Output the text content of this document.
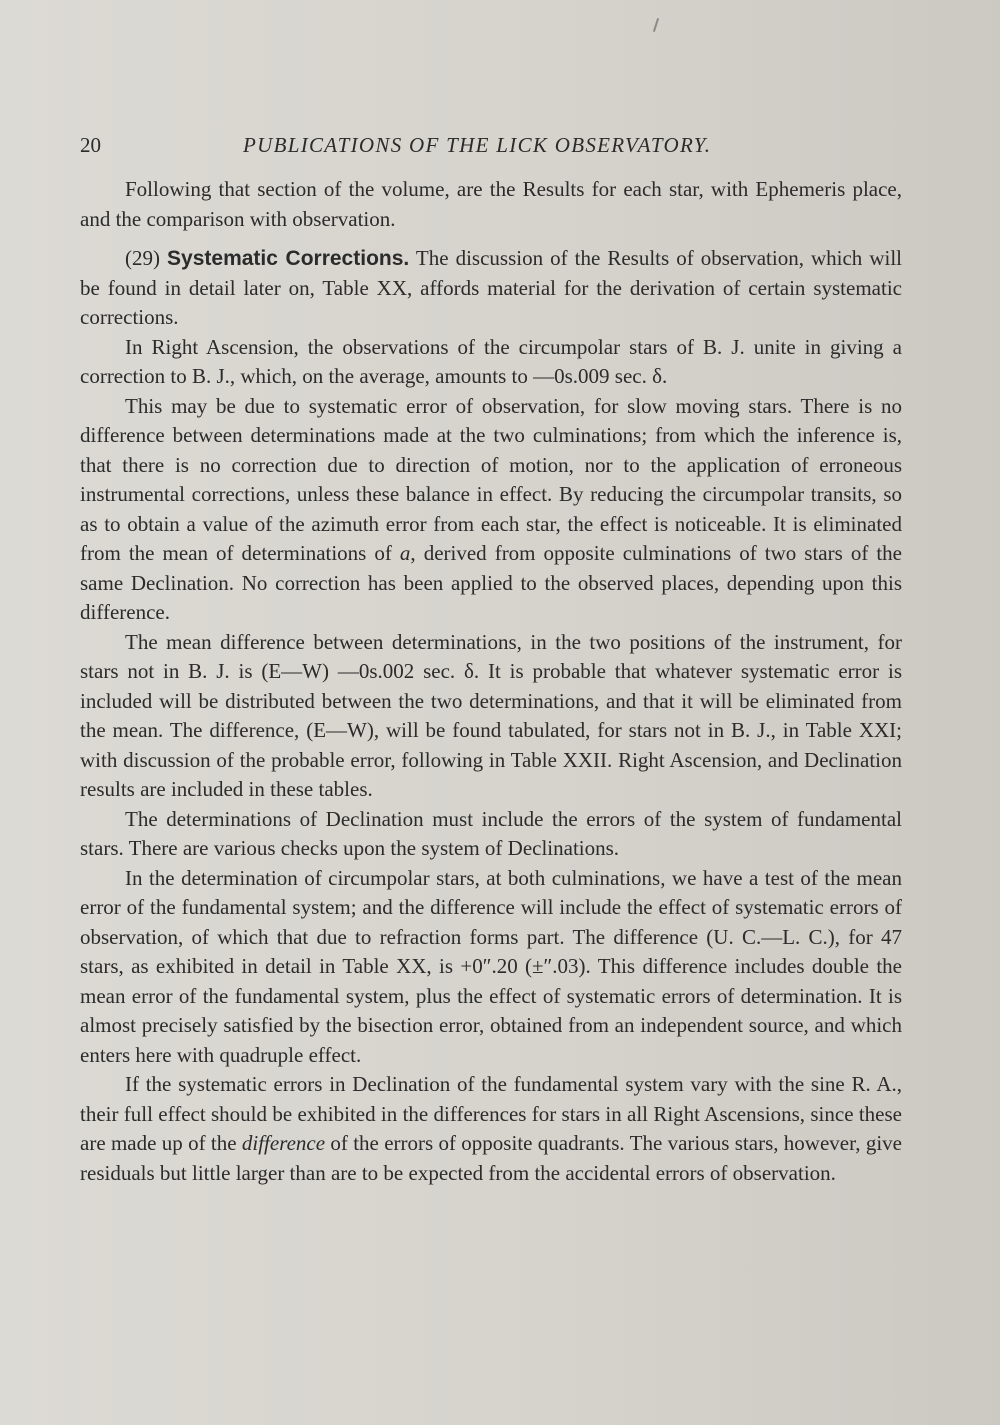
20	PUBLICATIONS OF THE LICK OBSERVATORY.

Following that section of the volume, are the Results for each star, with Ephemeris place, and the comparison with observation.

(29) Systematic Corrections. The discussion of the Results of observation, which will be found in detail later on, Table XX, affords material for the derivation of certain systematic corrections.

In Right Ascension, the observations of the circumpolar stars of B. J. unite in giving a correction to B. J., which, on the average, amounts to —0s.009 sec. δ.

This may be due to systematic error of observation, for slow moving stars. There is no difference between determinations made at the two culminations; from which the inference is, that there is no correction due to direction of motion, nor to the application of erroneous instrumental corrections, unless these balance in effect. By reducing the circumpolar transits, so as to obtain a value of the azimuth error from each star, the effect is noticeable. It is eliminated from the mean of determinations of a, derived from opposite culminations of two stars of the same Declination. No correction has been applied to the observed places, depending upon this difference.

The mean difference between determinations, in the two positions of the instrument, for stars not in B. J. is (E—W) —0s.002 sec. δ. It is probable that whatever systematic error is included will be distributed between the two determinations, and that it will be eliminated from the mean. The difference, (E—W), will be found tabulated, for stars not in B. J., in Table XXI; with discussion of the probable error, following in Table XXII. Right Ascension, and Declination results are included in these tables.

The determinations of Declination must include the errors of the system of fundamental stars. There are various checks upon the system of Declinations.

In the determination of circumpolar stars, at both culminations, we have a test of the mean error of the fundamental system; and the difference will include the effect of systematic errors of observation, of which that due to refraction forms part. The difference (U. C.—L. C.), for 47 stars, as exhibited in detail in Table XX, is +0″.20 (±″.03). This difference includes double the mean error of the fundamental system, plus the effect of systematic errors of determination. It is almost precisely satisfied by the bisection error, obtained from an independent source, and which enters here with quadruple effect.

If the systematic errors in Declination of the fundamental system vary with the sine R. A., their full effect should be exhibited in the differences for stars in all Right Ascensions, since these are made up of the difference of the errors of opposite quadrants. The various stars, however, give residuals but little larger than are to be expected from the accidental errors of observation.
